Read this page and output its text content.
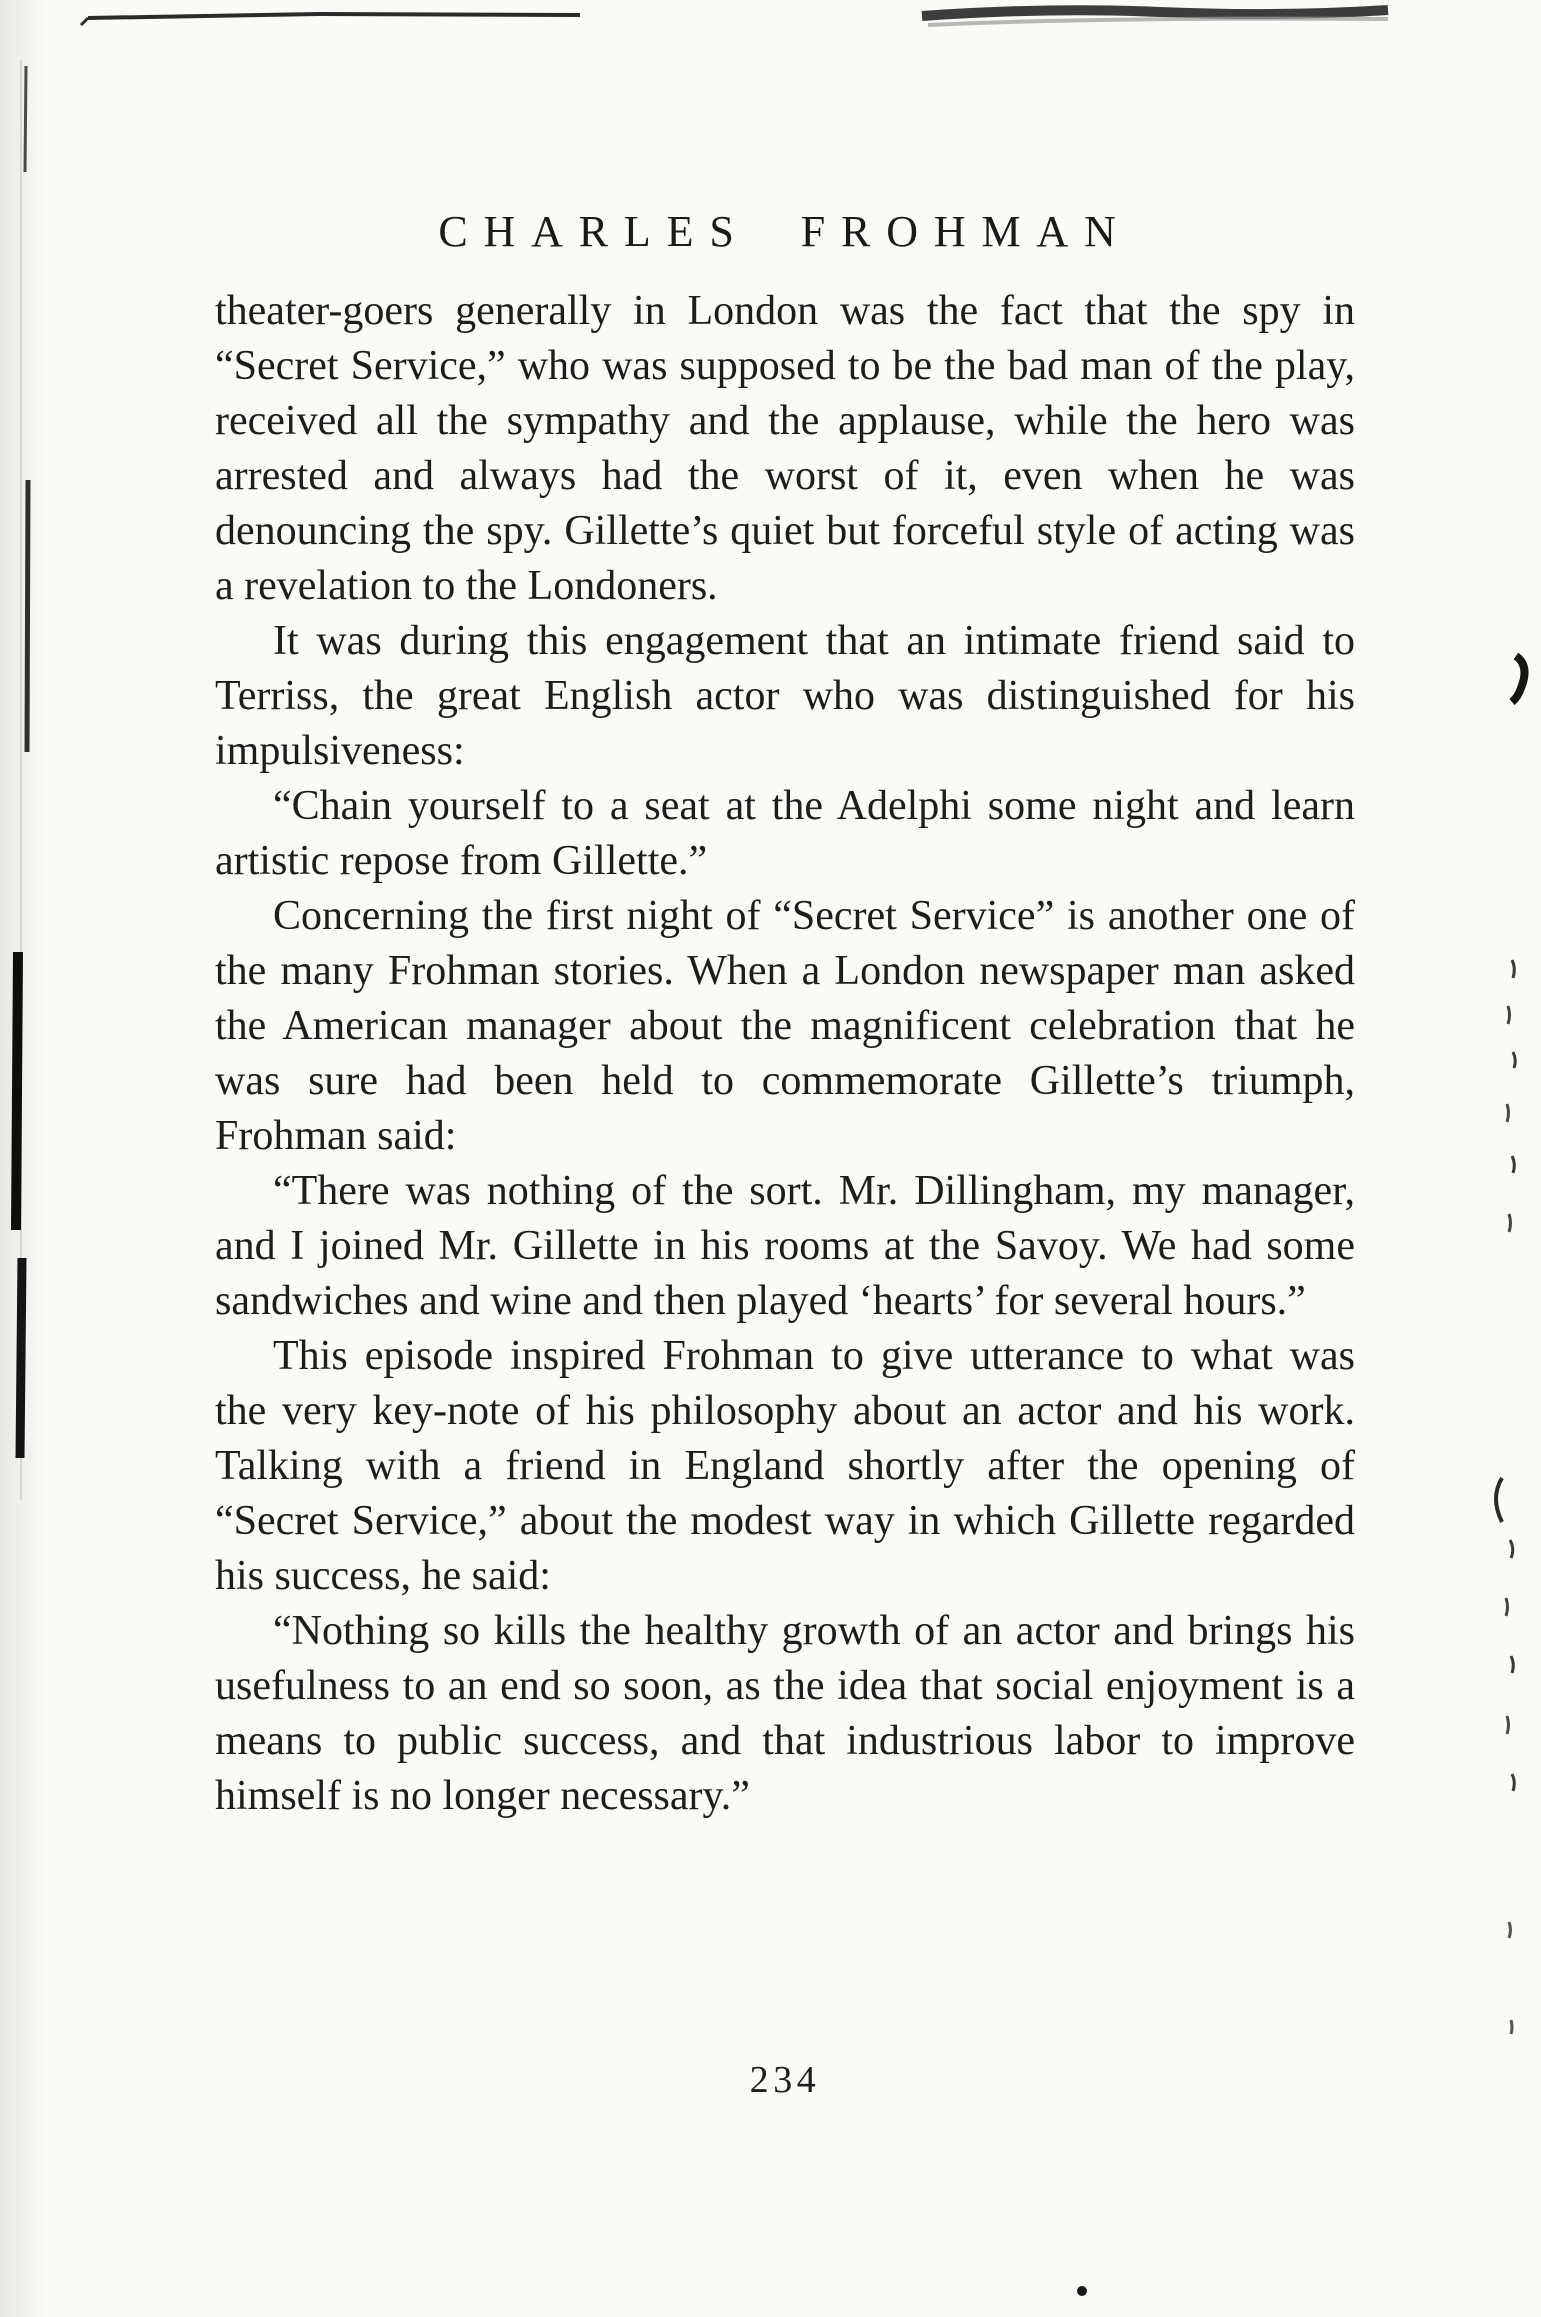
CHARLES FROHMAN

theater-goers generally in London was the fact that the spy in “Secret Service,” who was supposed to be the bad man of the play, received all the sympathy and the applause, while the hero was arrested and always had the worst of it, even when he was denouncing the spy. Gillette’s quiet but forceful style of acting was a revelation to the Londoners.

It was during this engagement that an intimate friend said to Terriss, the great English actor who was distinguished for his impulsiveness:

“Chain yourself to a seat at the Adelphi some night and learn artistic repose from Gillette.”

Concerning the first night of “Secret Service” is another one of the many Frohman stories. When a London newspaper man asked the American manager about the magnificent celebration that he was sure had been held to commemorate Gillette’s triumph, Frohman said:

“There was nothing of the sort. Mr. Dillingham, my manager, and I joined Mr. Gillette in his rooms at the Savoy. We had some sandwiches and wine and then played ‘hearts’ for several hours.”

This episode inspired Frohman to give utterance to what was the very key-note of his philosophy about an actor and his work. Talking with a friend in England shortly after the opening of “Secret Service,” about the modest way in which Gillette regarded his success, he said:

“Nothing so kills the healthy growth of an actor and brings his usefulness to an end so soon, as the idea that social enjoyment is a means to public success, and that industrious labor to improve himself is no longer necessary.”

234
